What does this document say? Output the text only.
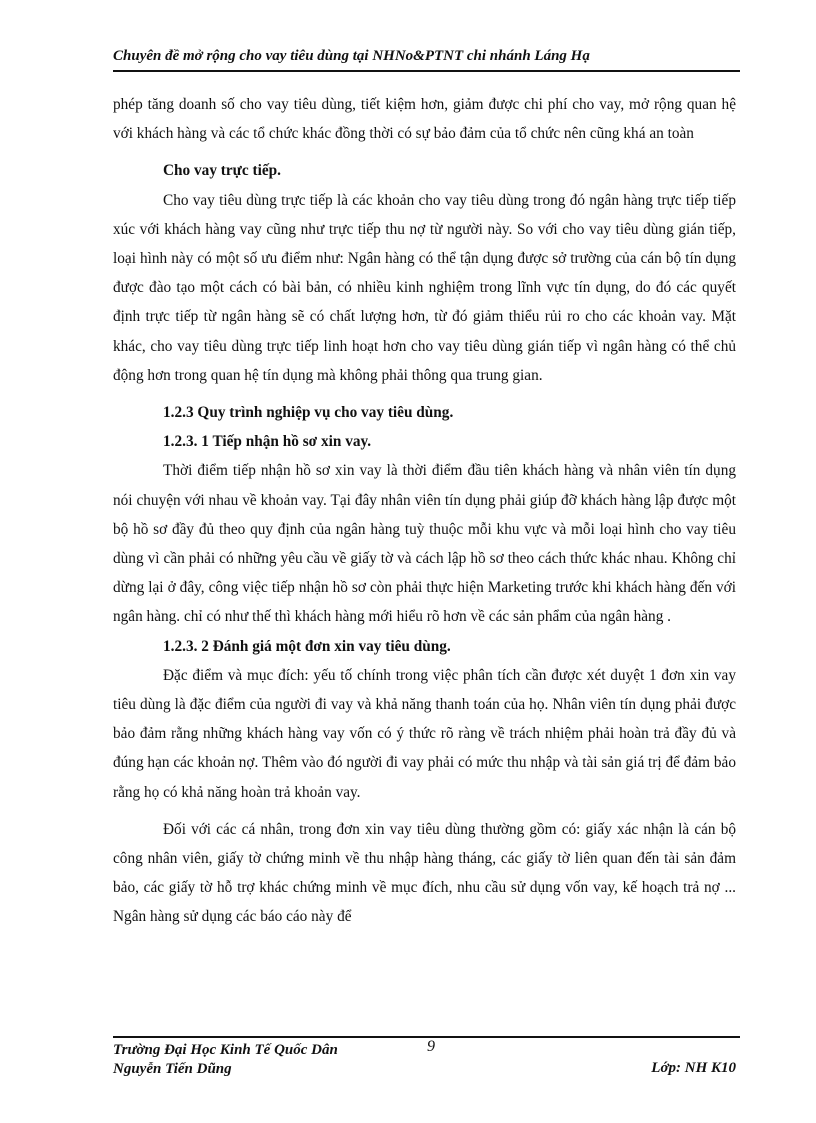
Chuyên đề mở rộng cho vay tiêu dùng tại NHNo&PTNT chi nhánh Láng Hạ

phép tăng doanh số cho vay tiêu dùng, tiết kiệm hơn, giảm được chi phí cho vay, mở rộng quan hệ với khách hàng và các tổ chức khác đồng thời có sự bảo đảm của tổ chức nên cũng khá an toàn

Cho vay trực tiếp.

Cho vay tiêu dùng trực tiếp là các khoản cho vay tiêu dùng trong đó ngân hàng trực tiếp tiếp xúc với khách hàng vay cũng như trực tiếp thu nợ từ người này. So với cho vay tiêu dùng gián tiếp, loại hình này có một số ưu điểm như: Ngân hàng có thể tận dụng được sở trường của cán bộ tín dụng được đào tạo một cách có bài bản, có nhiều kinh nghiệm trong lĩnh vực tín dụng, do đó các quyết định trực tiếp từ ngân hàng sẽ có chất lượng hơn, từ đó giảm thiểu rủi ro cho các khoản vay. Mặt khác, cho vay tiêu dùng trực tiếp linh hoạt hơn cho vay tiêu dùng gián tiếp vì ngân hàng có thể chủ động hơn trong quan hệ tín dụng mà không phải thông qua trung gian.

1.2.3 Quy trình nghiệp vụ cho vay tiêu dùng.

1.2.3. 1 Tiếp nhận hồ sơ xin vay.

Thời điểm tiếp nhận hồ sơ xin vay là thời điểm đầu tiên khách hàng và nhân viên tín dụng nói chuyện với nhau về khoản vay. Tại đây nhân viên tín dụng phải giúp đỡ khách hàng lập được một bộ hồ sơ đầy đủ theo quy định của ngân hàng tuỳ thuộc mỗi khu vực và mỗi loại hình cho vay tiêu dùng vì cần phải có những yêu cầu về giấy tờ và cách lập hồ sơ theo cách thức khác nhau. Không chỉ dừng lại ở đây, công việc tiếp nhận hồ sơ còn phải thực hiện Marketing trước khi khách hàng đến với ngân hàng. chỉ có như thế thì khách hàng mới hiểu rõ hơn về các sản phẩm của ngân hàng .

1.2.3. 2 Đánh giá một đơn xin vay tiêu dùng.

Đặc điểm và mục đích: yếu tố chính trong việc phân tích cần được xét duyệt 1 đơn xin vay tiêu dùng là đặc điểm của người đi vay và khả năng thanh toán của họ. Nhân viên tín dụng phải được bảo đảm rằng những khách hàng vay vốn có ý thức rõ ràng về trách nhiệm phải hoàn trả đầy đủ và đúng hạn các khoản nợ. Thêm vào đó người đi vay phải có mức thu nhập và tài sản giá trị để đảm bảo rằng họ có khả năng hoàn trả khoản vay.

Đối với các cá nhân, trong đơn xin vay tiêu dùng thường gồm có: giấy xác nhận là cán bộ công nhân viên, giấy tờ chứng minh về thu nhập hàng tháng, các giấy tờ liên quan đến tài sản đảm bảo, các giấy tờ hỗ trợ khác chứng minh về mục đích, nhu cầu sử dụng vốn vay, kế hoạch trả nợ ... Ngân hàng sử dụng các báo cáo này để

Trường Đại Học Kinh Tế Quốc Dân
Nguyễn Tiến Dũng
9
Lớp: NH K10
